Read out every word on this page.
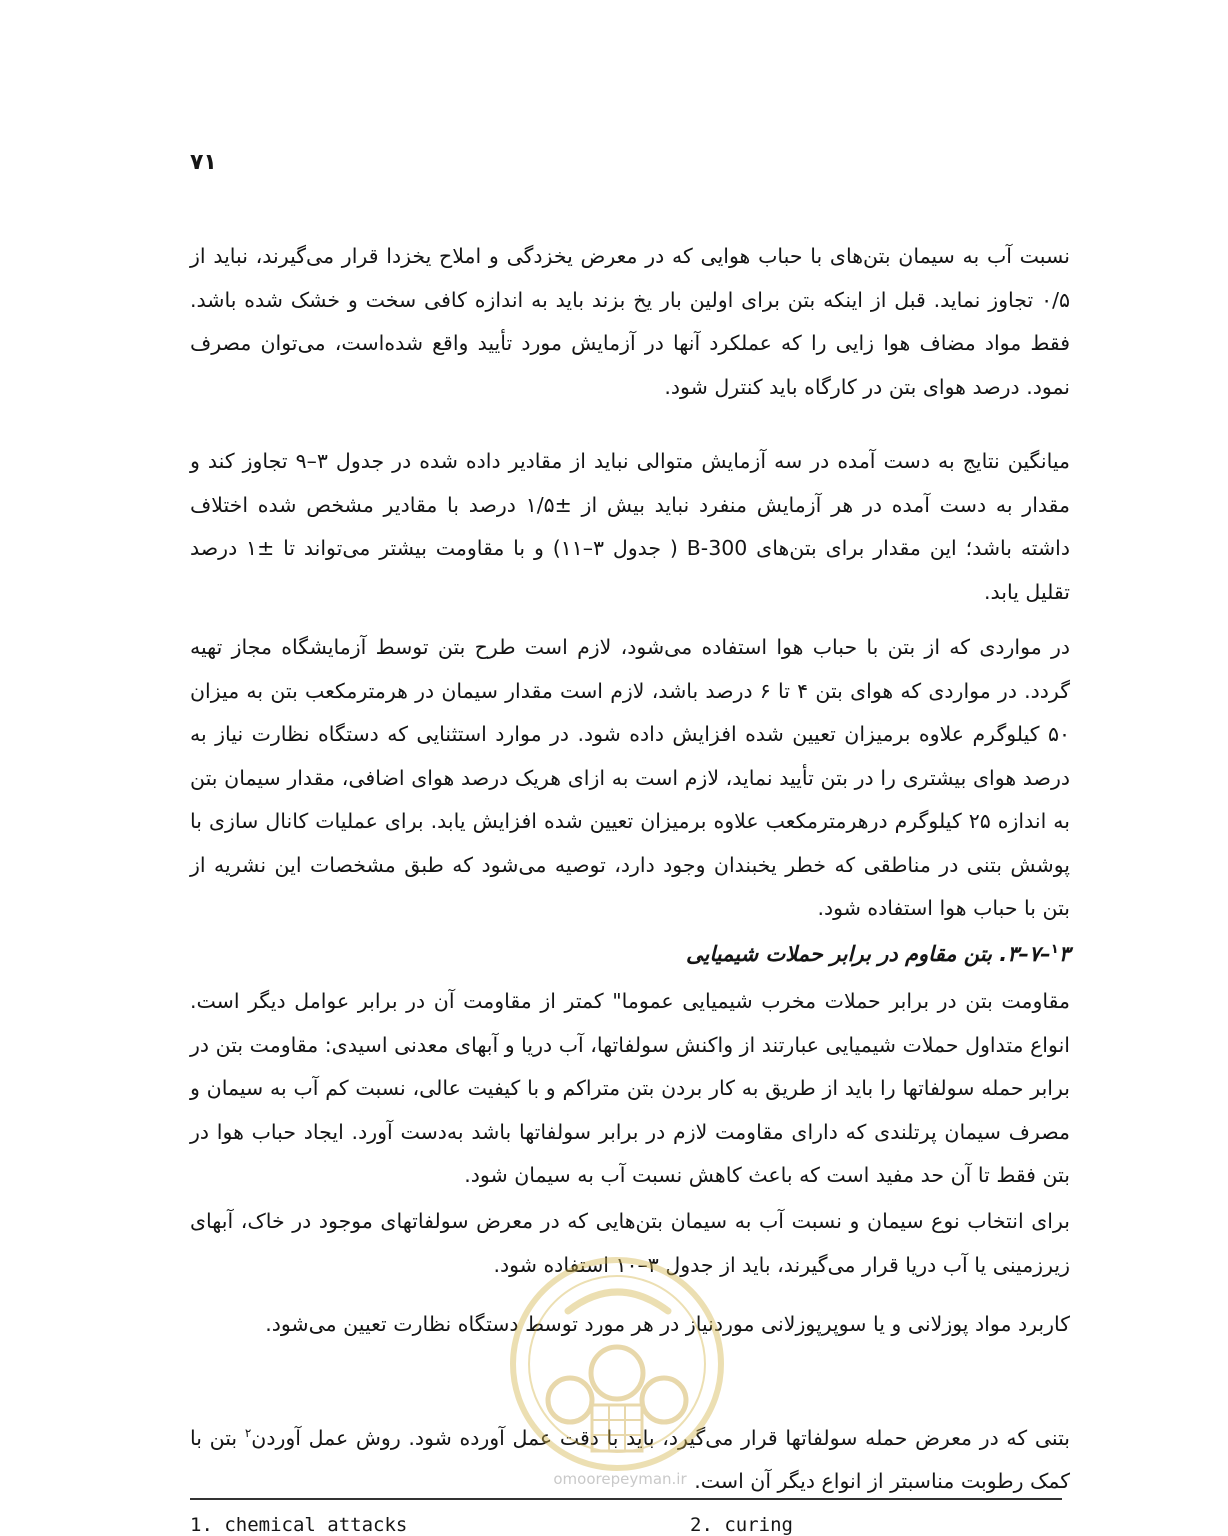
۷۱

نسبت آب به سیمان بتن‌های با حباب هوایی که در معرض یخزدگی و املاح یخزدا قرار می‌گیرند، نباید از ۰/۵ تجاوز نماید. قبل از اینکه بتن برای اولین بار یخ بزند باید به اندازه کافی سخت و خشک شده باشد. فقط مواد مضاف هوا زایی را که عملکرد آنها در آزمایش مورد تأیید واقع شده‌است، می‌توان مصرف نمود. درصد هوای بتن در کارگاه باید کنترل شود.

میانگین نتایج به دست آمده در سه آزمایش متوالی نباید از مقادیر داده شده در جدول ۳–۹ تجاوز کند و مقدار به دست آمده در هر آزمایش منفرد نباید بیش از ±۱/۵ درصد با مقادیر مشخص شده اختلاف داشته باشد؛ این مقدار برای بتن‌های B-300 ( جدول ۳–۱۱) و با مقاومت بیشتر می‌تواند تا ±۱ درصد تقلیل یابد.

در مواردی که از بتن با حباب هوا استفاده می‌شود، لازم است طرح بتن توسط آزمایشگاه مجاز تهیه گردد. در مواردی که هوای بتن ۴ تا ۶ درصد باشد، لازم است مقدار سیمان در هرمترمکعب بتن به میزان ۵۰ کیلوگرم علاوه برمیزان تعیین شده افزایش داده شود. در موارد استثنایی که دستگاه نظارت نیاز به درصد هوای بیشتری را در بتن تأیید نماید، لازم است به ازای هریک درصد هوای اضافی، مقدار سیمان بتن به اندازه ۲۵ کیلوگرم درهرمترمکعب علاوه برمیزان تعیین شده افزایش یابد. برای عملیات کانال سازی با پوشش بتنی در مناطقی که خطر یخبندان وجود دارد، توصیه می‌شود که طبق مشخصات این نشریه از بتن با حباب هوا استفاده شود.

$^۱$۳–۷–۳. بتن مقاوم در برابر حملات شیمیایی

مقاومت بتن در برابر حملات مخرب شیمیایی عموما" کمتر از مقاومت آن در برابر عوامل دیگر است. انواع متداول حملات شیمیایی عبارتند از واکنش سولفاتها، آب دریا و آبهای معدنی اسیدی: مقاومت بتن در برابر حمله سولفاتها را باید از طریق به کار بردن بتن متراکم و با کیفیت عالی، نسبت کم آب به سیمان و مصرف سیمان پرتلندی که دارای مقاومت لازم در برابر سولفاتها باشد به‌دست آورد. ایجاد حباب هوا در بتن فقط تا آن حد مفید است که باعث کاهش نسبت آب به سیمان شود.

برای انتخاب نوع سیمان و نسبت آب به سیمان بتن‌هایی که در معرض سولفاتهای موجود در خاک، آبهای زیرزمینی یا آب دریا قرار می‌گیرند، باید از جدول ۳–۱۰ استفاده شود.

کاربرد مواد پوزلانی و یا سوپرپوزلانی موردنیاز در هر مورد توسط دستگاه نظارت تعیین می‌شود.

بتنی که در معرض حمله سولفاتها قرار می‌گیرد، باید با دقت عمل آورده شود. روش عمل آوردن$^۲$ بتن با کمک رطوبت مناسبتر از انواع دیگر آن است.

omoorepeyman.ir
1. chemical attacks	2. curing
